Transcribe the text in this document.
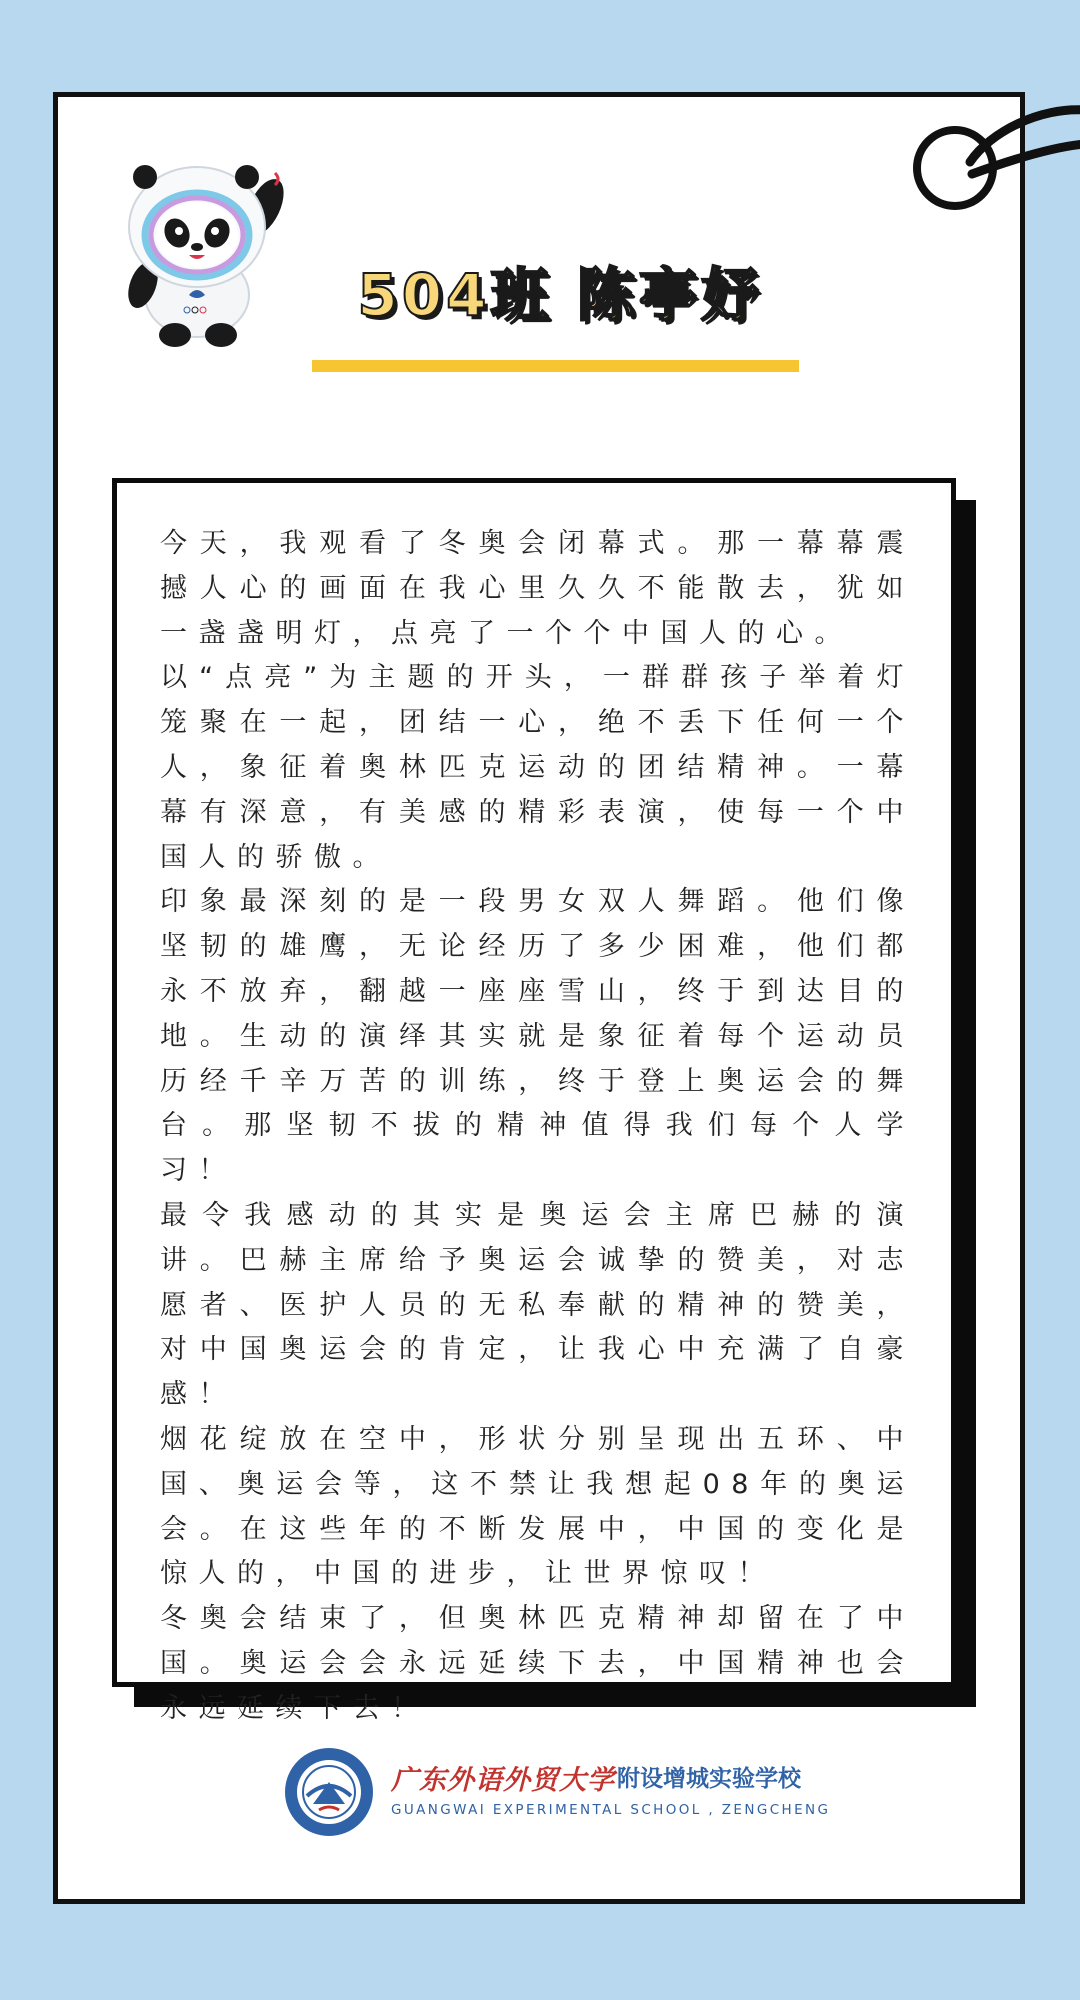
504班 陈亭妤

今天，我观看了冬奥会闭幕式。那一幕幕震撼人心的画面在我心里久久不能散去，犹如一盏盏明灯，点亮了一个个中国人的心。

以“点亮”为主题的开头，一群群孩子举着灯笼聚在一起，团结一心，绝不丢下任何一个人，象征着奥林匹克运动的团结精神。一幕幕有深意，有美感的精彩表演，使每一个中国人的骄傲。

印象最深刻的是一段男女双人舞蹈。他们像坚韧的雄鹰，无论经历了多少困难，他们都永不放弃，翻越一座座雪山，终于到达目的地。生动的演绎其实就是象征着每个运动员历经千辛万苦的训练，终于登上奥运会的舞台。那坚韧不拔的精神值得我们每个人学习！

最令我感动的其实是奥运会主席巴赫的演讲。巴赫主席给予奥运会诚挚的赞美，对志愿者、医护人员的无私奉献的精神的赞美，对中国奥运会的肯定，让我心中充满了自豪感！

烟花绽放在空中，形状分别呈现出五环、中国、奥运会等，这不禁让我想起08年的奥运会。在这些年的不断发展中，中国的变化是惊人的，中国的进步，让世界惊叹！

冬奥会结束了，但奥林匹克精神却留在了中国。奥运会会永远延续下去，中国精神也会永远延续下去！

广东外语外贸大学 附设增城实验学校
GUANGWAI EXPERIMENTAL SCHOOL , ZENGCHENG
